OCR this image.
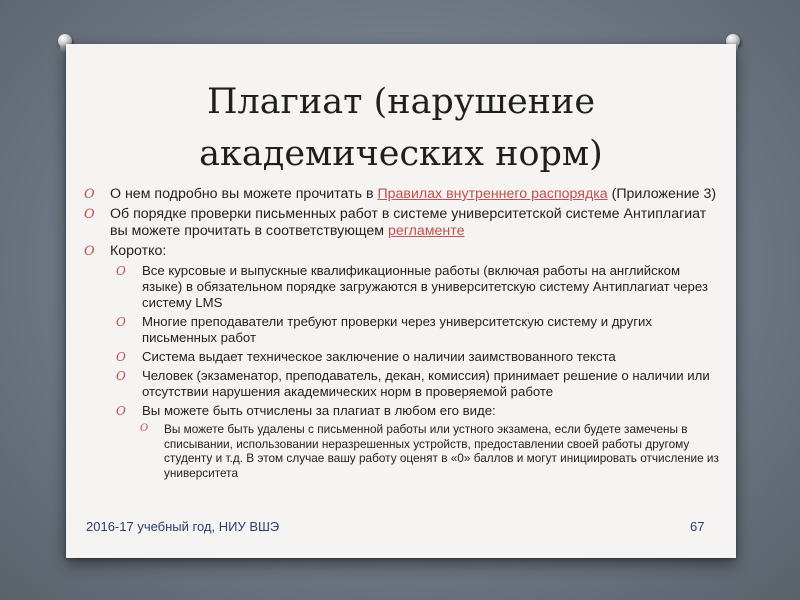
Плагиат (нарушение
академических норм)

O О нем подробно вы можете прочитать в Правилах внутреннего распорядка (Приложение 3)

O Об порядке проверки письменных работ в системе университетской системе Антиплагиат вы можете прочитать в соответствующем регламенте

O Коротко:

O Все курсовые и выпускные квалификационные работы (включая работы на английском языке) в обязательном порядке загружаются в университетскую систему Антиплагиат через систему LMS

O Многие преподаватели требуют проверки через университетскую систему и других письменных работ

O Система выдает техническое заключение о наличии заимствованного текста

O Человек (экзаменатор, преподаватель, декан, комиссия) принимает решение о наличии или отсутствии нарушения академических норм в проверяемой работе

O Вы можете быть отчислены за плагиат в любом его виде:

O Вы можете быть удалены с письменной работы или устного экзамена, если будете замечены в списывании, использовании неразрешенных устройств, предоставлении своей работы другому студенту и т.д. В этом случае вашу работу оценят в «0» баллов и могут инициировать отчисление из университета

2016-17 учебный год, НИУ ВШЭ	67
